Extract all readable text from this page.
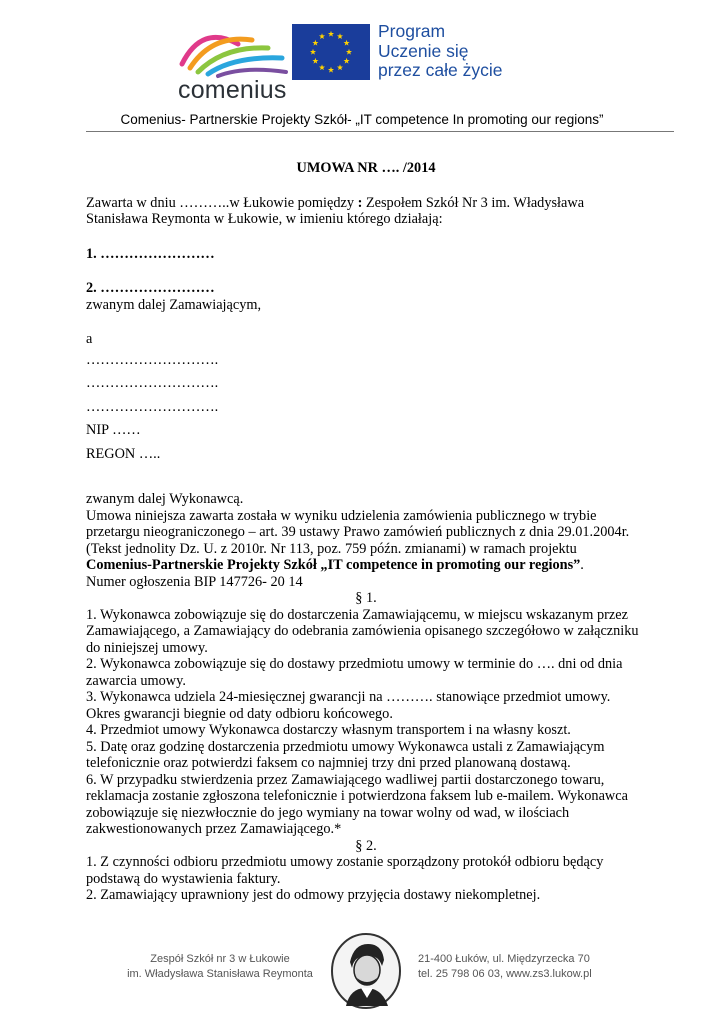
comenius
Program
Uczenie się
przez całe życie
Comenius- Partnerskie Projekty Szkół- „IT competence In promoting our regions”

UMOWA NR …. /2014

Zawarta w dniu ………..w Łukowie pomiędzy : Zespołem Szkół Nr 3 im. Władysława Stanisława Reymonta w Łukowie, w imieniu którego działają:

1. ……………………

2. ……………………

zwanym dalej Zamawiającym,

a

……………………….

……………………….

……………………….

NIP ……

REGON …..

zwanym dalej Wykonawcą.

Umowa niniejsza zawarta została w wyniku udzielenia zamówienia publicznego w trybie przetargu nieograniczonego – art. 39 ustawy Prawo zamówień publicznych z dnia 29.01.2004r. (Tekst jednolity Dz. U. z 2010r. Nr 113, poz. 759 późn. zmianami) w ramach projektu Comenius-Partnerskie Projekty Szkół „IT competence in promoting our regions”.

Numer ogłoszenia BIP 147726- 20 14

§ 1.

1. Wykonawca zobowiązuje się do dostarczenia Zamawiającemu, w miejscu wskazanym przez Zamawiającego, a Zamawiający do odebrania zamówienia opisanego szczegółowo w załączniku do niniejszej umowy.

2. Wykonawca zobowiązuje się do dostawy przedmiotu umowy w terminie do …. dni od dnia zawarcia umowy.

3. Wykonawca udziela 24-miesięcznej gwarancji na ………. stanowiące przedmiot umowy. Okres gwarancji biegnie od daty odbioru końcowego.

4. Przedmiot umowy Wykonawca dostarczy własnym transportem i na własny koszt.

5. Datę oraz godzinę dostarczenia przedmiotu umowy Wykonawca ustali z Zamawiającym telefonicznie oraz potwierdzi faksem co najmniej trzy dni przed planowaną dostawą.

6. W przypadku stwierdzenia przez Zamawiającego wadliwej partii dostarczonego towaru, reklamacja zostanie zgłoszona telefonicznie i potwierdzona faksem lub e-mailem. Wykonawca zobowiązuje się niezwłocznie do jego wymiany na towar wolny od wad, w ilościach zakwestionowanych przez Zamawiającego.*

§ 2.

1. Z czynności odbioru przedmiotu umowy zostanie sporządzony protokół odbioru będący podstawą do wystawienia faktury.

2. Zamawiający uprawniony jest do odmowy przyjęcia dostawy niekompletnej.

Zespół Szkół nr 3 w Łukowie
im. Władysława Stanisława Reymonta
21-400 Łuków, ul. Międzyrzecka 70
tel. 25 798 06 03, www.zs3.lukow.pl
